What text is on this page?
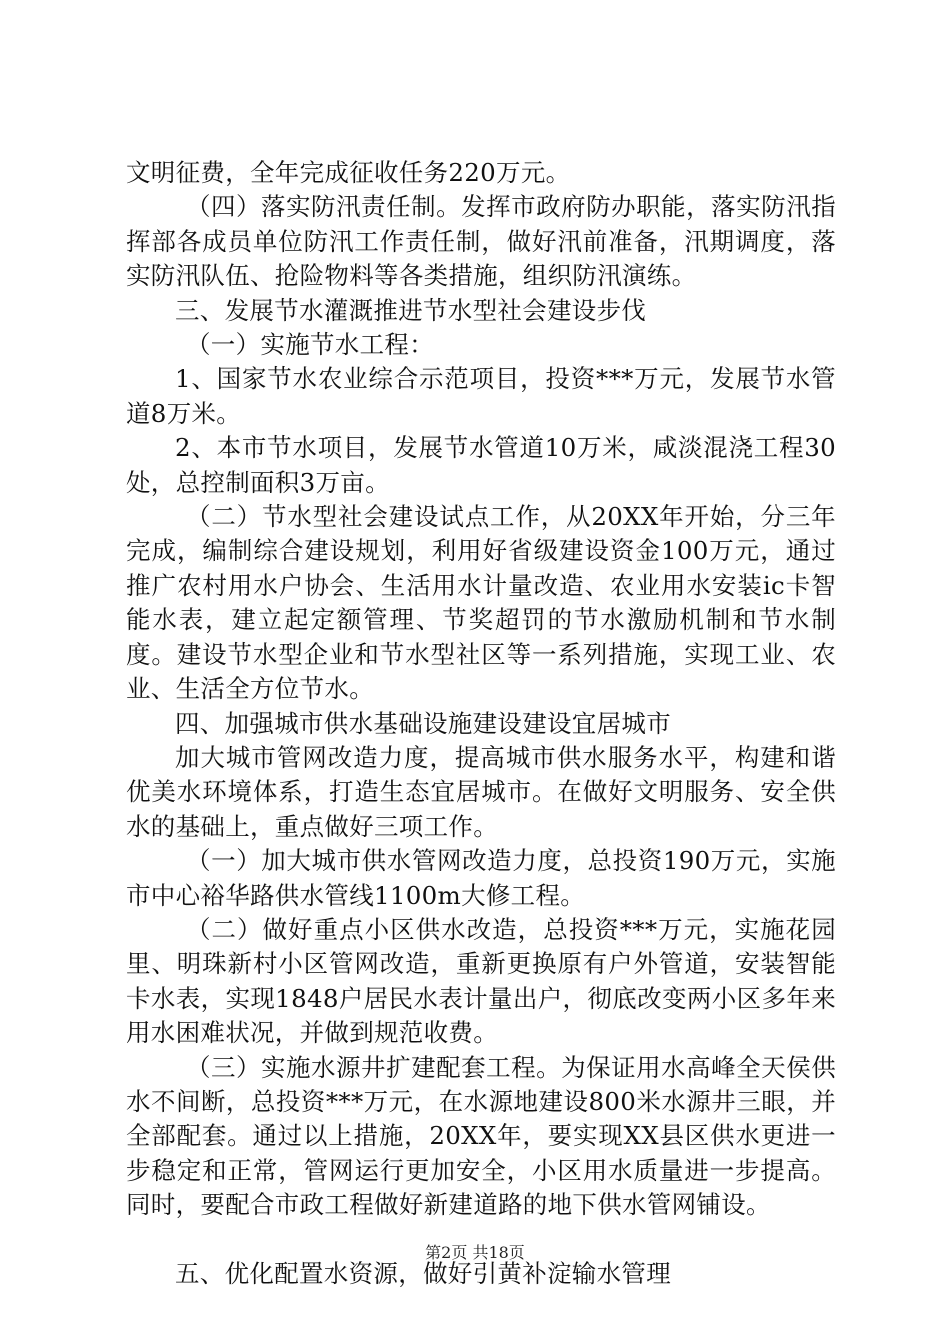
文明征费，全年完成征收任务220万元。

（四）落实防汛责任制。发挥市政府防办职能，落实防汛指挥部各成员单位防汛工作责任制，做好汛前准备，汛期调度，落实防汛队伍、抢险物料等各类措施，组织防汛演练。

三、发展节水灌溉推进节水型社会建设步伐

（一）实施节水工程：

1、国家节水农业综合示范项目，投资***万元，发展节水管道8万米。

2、本市节水项目，发展节水管道10万米，咸淡混浇工程30处，总控制面积3万亩。

（二）节水型社会建设试点工作，从20XX年开始，分三年完成，编制综合建设规划，利用好省级建设资金100万元，通过推广农村用水户协会、生活用水计量改造、农业用水安装ic卡智能水表，建立起定额管理、节奖超罚的节水激励机制和节水制度。建设节水型企业和节水型社区等一系列措施，实现工业、农业、生活全方位节水。

四、加强城市供水基础设施建设建设宜居城市

加大城市管网改造力度，提高城市供水服务水平，构建和谐优美水环境体系，打造生态宜居城市。在做好文明服务、安全供水的基础上，重点做好三项工作。

（一）加大城市供水管网改造力度，总投资190万元，实施市中心裕华路供水管线1100m大修工程。

（二）做好重点小区供水改造，总投资***万元，实施花园里、明珠新村小区管网改造，重新更换原有户外管道，安装智能卡水表，实现1848户居民水表计量出户，彻底改变两小区多年来用水困难状况，并做到规范收费。

（三）实施水源井扩建配套工程。为保证用水高峰全天侯供水不间断，总投资***万元，在水源地建设800米水源井三眼，并全部配套。通过以上措施，20XX年，要实现XX县区供水更进一步稳定和正常，管网运行更加安全，小区用水质量进一步提高。同时，要配合市政工程做好新建道路的地下供水管网铺设。

五、优化配置水资源，做好引黄补淀输水管理

第2页 共18页
